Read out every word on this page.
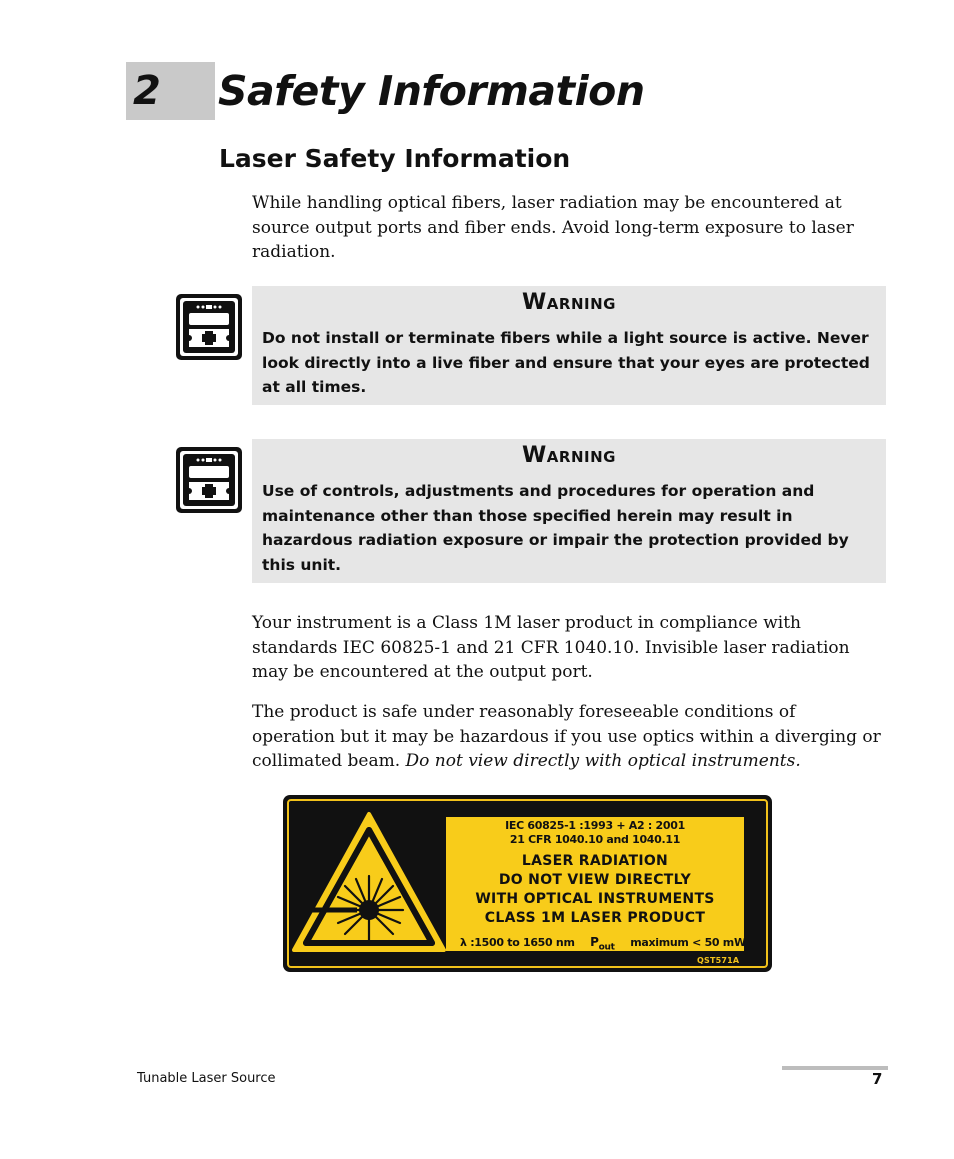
2 Safety Information
Laser Safety Information
While handling optical fibers, laser radiation may be encountered at source output ports and fiber ends. Avoid long-term exposure to laser radiation.
Warning
Do not install or terminate fibers while a light source is active. Never look directly into a live fiber and ensure that your eyes are protected at all times.
Warning
Use of controls, adjustments and procedures for operation and maintenance other than those specified herein may result in hazardous radiation exposure or impair the protection provided by this unit.
Your instrument is a Class 1M laser product in compliance with standards IEC 60825-1 and 21 CFR 1040.10. Invisible laser radiation may be encountered at the output port.
The product is safe under reasonably foreseeable conditions of operation but it may be hazardous if you use optics within a diverging or collimated beam. Do not view directly with optical instruments.
IEC 60825-1 :1993 + A2 : 2001
21 CFR 1040.10 and 1040.11
LASER RADIATION
DO NOT VIEW DIRECTLY
WITH OPTICAL INSTRUMENTS
CLASS 1M LASER PRODUCT
λ :1500 to 1650 nm $P_{out}$ maximum < 50 mW
QST571A
Tunable Laser Source	7
